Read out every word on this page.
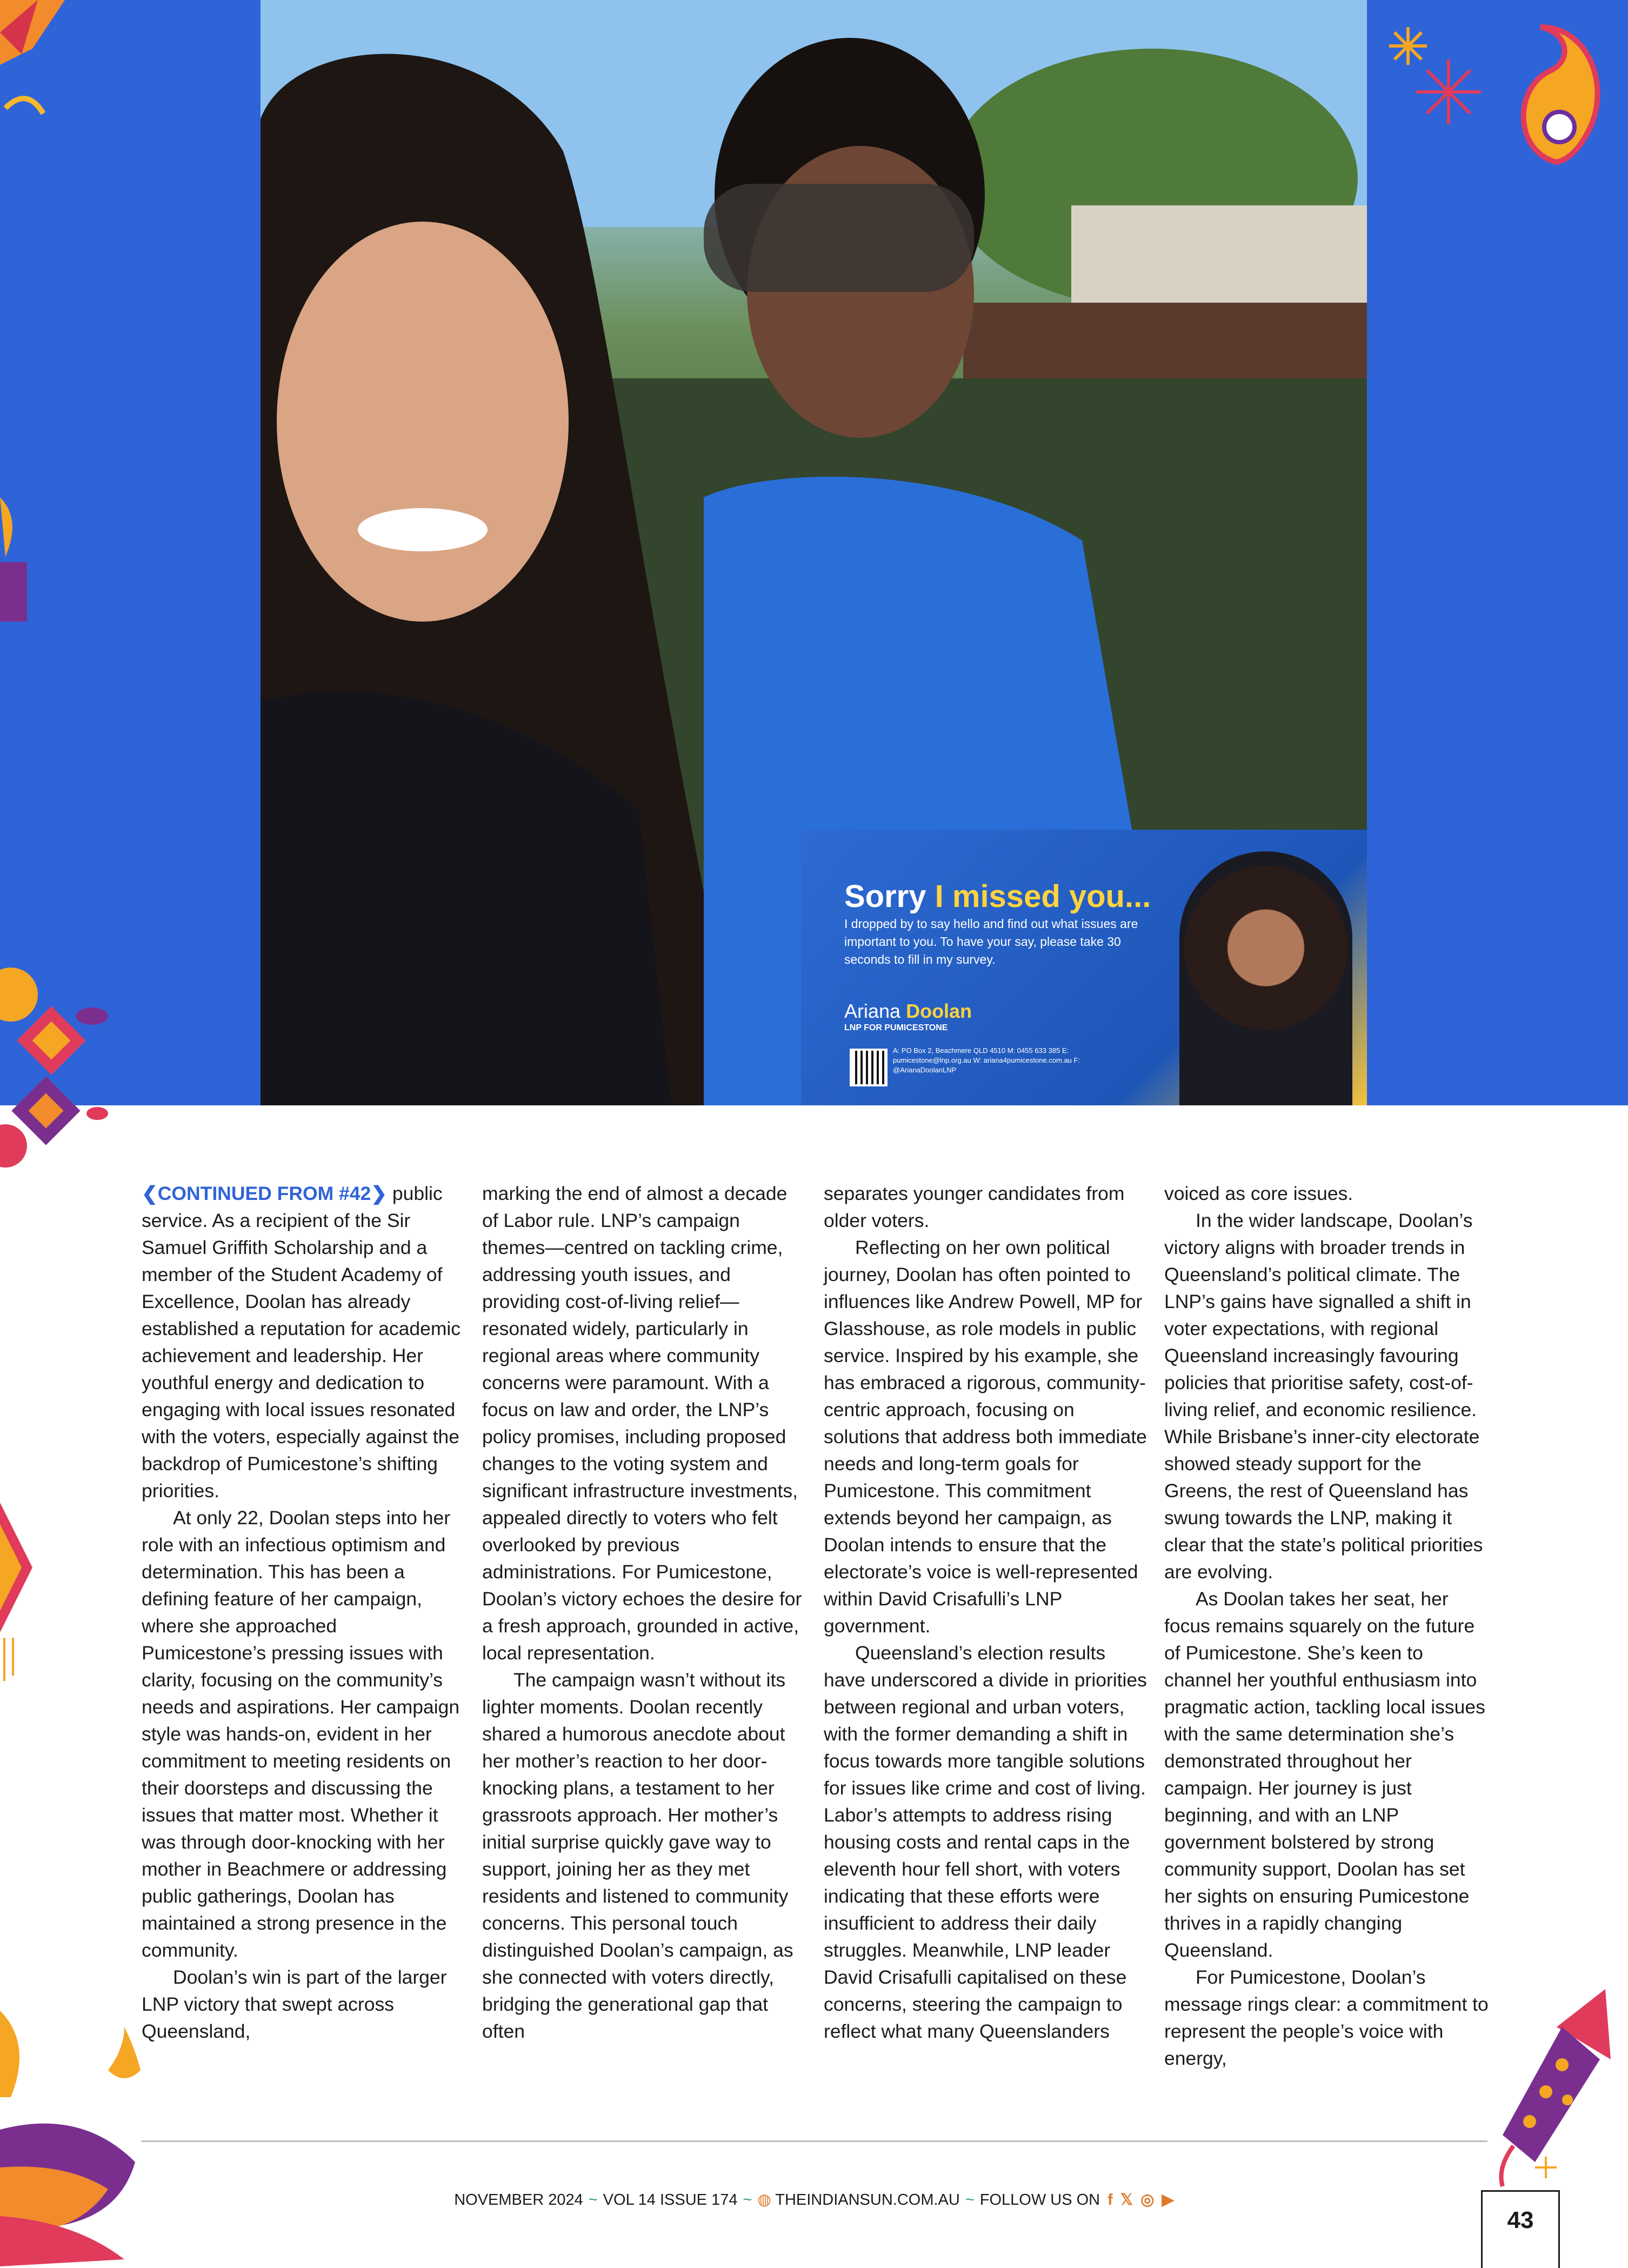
Sorry I missed you...
I dropped by to say hello and find out what issues are important to you. To have your say, please take 30 seconds to fill in my survey.
Ariana Doolan
LNP FOR PUMICESTONE
A: PO Box 2, Beachmere QLD 4510 M: 0455 633 385 E: pumicestone@lnp.org.au W: ariana4pumicestone.com.au F: @ArianaDoolanLNP

❮CONTINUED FROM #42❯ public service. As a recipient of the Sir Samuel Griffith Scholarship and a member of the Student Academy of Excellence, Doolan has already established a reputation for academic achievement and leadership. Her youthful energy and dedication to engaging with local issues resonated with the voters, especially against the backdrop of Pumicestone’s shifting priorities.

At only 22, Doolan steps into her role with an infectious optimism and determination. This has been a defining feature of her campaign, where she approached Pumicestone’s pressing issues with clarity, focusing on the community’s needs and aspirations. Her campaign style was hands-on, evident in her commitment to meeting residents on their doorsteps and discussing the issues that matter most. Whether it was through door-knocking with her mother in Beachmere or addressing public gatherings, Doolan has maintained a strong presence in the community.

Doolan’s win is part of the larger LNP victory that swept across Queensland,

marking the end of almost a decade of Labor rule. LNP’s campaign themes—centred on tackling crime, addressing youth issues, and providing cost-of-living relief—resonated widely, particularly in regional areas where community concerns were paramount. With a focus on law and order, the LNP’s policy promises, including proposed changes to the voting system and significant infrastructure investments, appealed directly to voters who felt overlooked by previous administrations. For Pumicestone, Doolan’s victory echoes the desire for a fresh approach, grounded in active, local representation.

The campaign wasn’t without its lighter moments. Doolan recently shared a humorous anecdote about her mother’s reaction to her door-knocking plans, a testament to her grassroots approach. Her mother’s initial surprise quickly gave way to support, joining her as they met residents and listened to community concerns. This personal touch distinguished Doolan’s campaign, as she connected with voters directly, bridging the generational gap that often

separates younger candidates from older voters.

Reflecting on her own political journey, Doolan has often pointed to influences like Andrew Powell, MP for Glasshouse, as role models in public service. Inspired by his example, she has embraced a rigorous, community-centric approach, focusing on solutions that address both immediate needs and long-term goals for Pumicestone. This commitment extends beyond her campaign, as Doolan intends to ensure that the electorate’s voice is well-represented within David Crisafulli’s LNP government.

Queensland’s election results have underscored a divide in priorities between regional and urban voters, with the former demanding a shift in focus towards more tangible solutions for issues like crime and cost of living. Labor’s attempts to address rising housing costs and rental caps in the eleventh hour fell short, with voters indicating that these efforts were insufficient to address their daily struggles. Meanwhile, LNP leader David Crisafulli capitalised on these concerns, steering the campaign to reflect what many Queenslanders

voiced as core issues.

In the wider landscape, Doolan’s victory aligns with broader trends in Queensland’s political climate. The LNP’s gains have signalled a shift in voter expectations, with regional Queensland increasingly favouring policies that prioritise safety, cost-of-living relief, and economic resilience. While Brisbane’s inner-city electorate showed steady support for the Greens, the rest of Queensland has swung towards the LNP, making it clear that the state’s political priorities are evolving.

As Doolan takes her seat, her focus remains squarely on the future of Pumicestone. She’s keen to channel her youthful enthusiasm into pragmatic action, tackling local issues with the same determination she’s demonstrated throughout her campaign. Her journey is just beginning, and with an LNP government bolstered by strong community support, Doolan has set her sights on ensuring Pumicestone thrives in a rapidly changing Queensland.

For Pumicestone, Doolan’s message rings clear: a commitment to represent the people’s voice with energy,

NOVEMBER 2024 ~ VOL 14 ISSUE 174 ~ ◍ THEINDIANSUN.COM.AU ~ FOLLOW US ON f 𝕏 ◎ ▶
43
